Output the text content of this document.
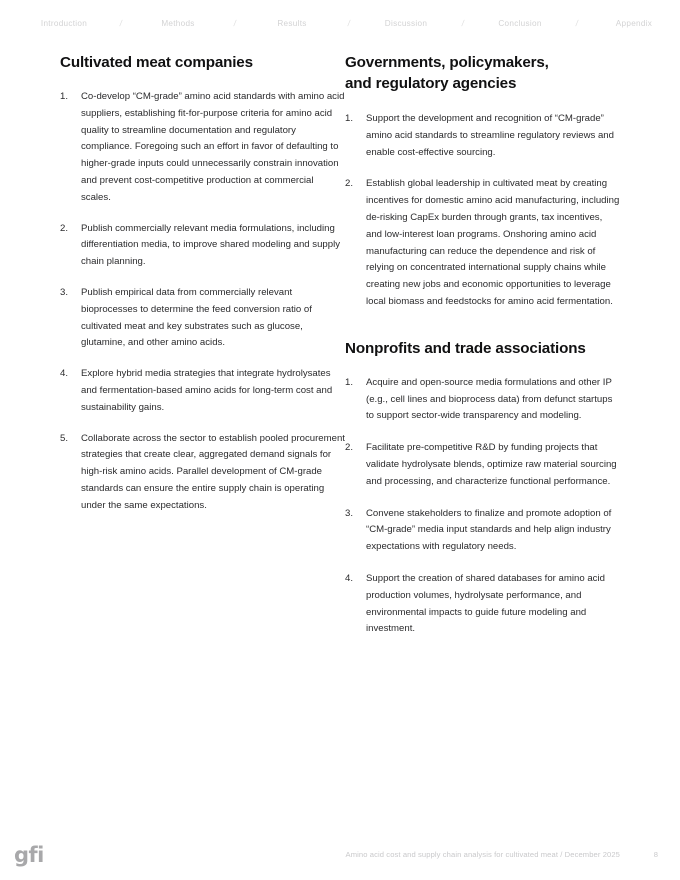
Introduction	/	Methods	/	Results	/	Discussion	/	Conclusion	/	Appendix
Cultivated meat companies
1.	Co-develop “CM-grade” amino acid standards with amino acid suppliers, establishing fit-for-purpose criteria for amino acid quality to streamline documentation and regulatory compliance. Foregoing such an effort in favor of defaulting to higher-grade inputs could unnecessarily constrain innovation and prevent cost-competitive production at commercial scales.
2.	Publish commercially relevant media formulations, including differentiation media, to improve shared modeling and supply chain planning.
3.	Publish empirical data from commercially relevant bioprocesses to determine the feed conversion ratio of cultivated meat and key substrates such as glucose, glutamine, and other amino acids.
4.	Explore hybrid media strategies that integrate hydrolysates and fermentation-based amino acids for long-term cost and sustainability gains.
5.	Collaborate across the sector to establish pooled procurement strategies that create clear, aggregated demand signals for high-risk amino acids. Parallel development of CM-grade standards can ensure the entire supply chain is operating under the same expectations.
Governments, policymakers,
and regulatory agencies
1.	Support the development and recognition of “CM-grade” amino acid standards to streamline regulatory reviews and enable cost-effective sourcing.
2.	Establish global leadership in cultivated meat by creating incentives for domestic amino acid manufacturing, including de-risking CapEx burden through grants, tax incentives, and low-interest loan programs. Onshoring amino acid manufacturing can reduce the dependence and risk of relying on concentrated international supply chains while creating new jobs and economic opportunities to leverage local biomass and feedstocks for amino acid fermentation.
Nonprofits and trade associations
1.	Acquire and open-source media formulations and other IP (e.g., cell lines and bioprocess data) from defunct startups to support sector-wide transparency and modeling.
2.	Facilitate pre-competitive R&D by funding projects that validate hydrolysate blends, optimize raw material sourcing and processing, and characterize functional performance.
3.	Convene stakeholders to finalize and promote adoption of “CM-grade” media input standards and help align industry expectations with regulatory needs.
4.	Support the creation of shared databases for amino acid production volumes, hydrolysate performance, and environmental impacts to guide future modeling and investment.
gfi	Amino acid cost and supply chain analysis for cultivated meat / December 2025	8
